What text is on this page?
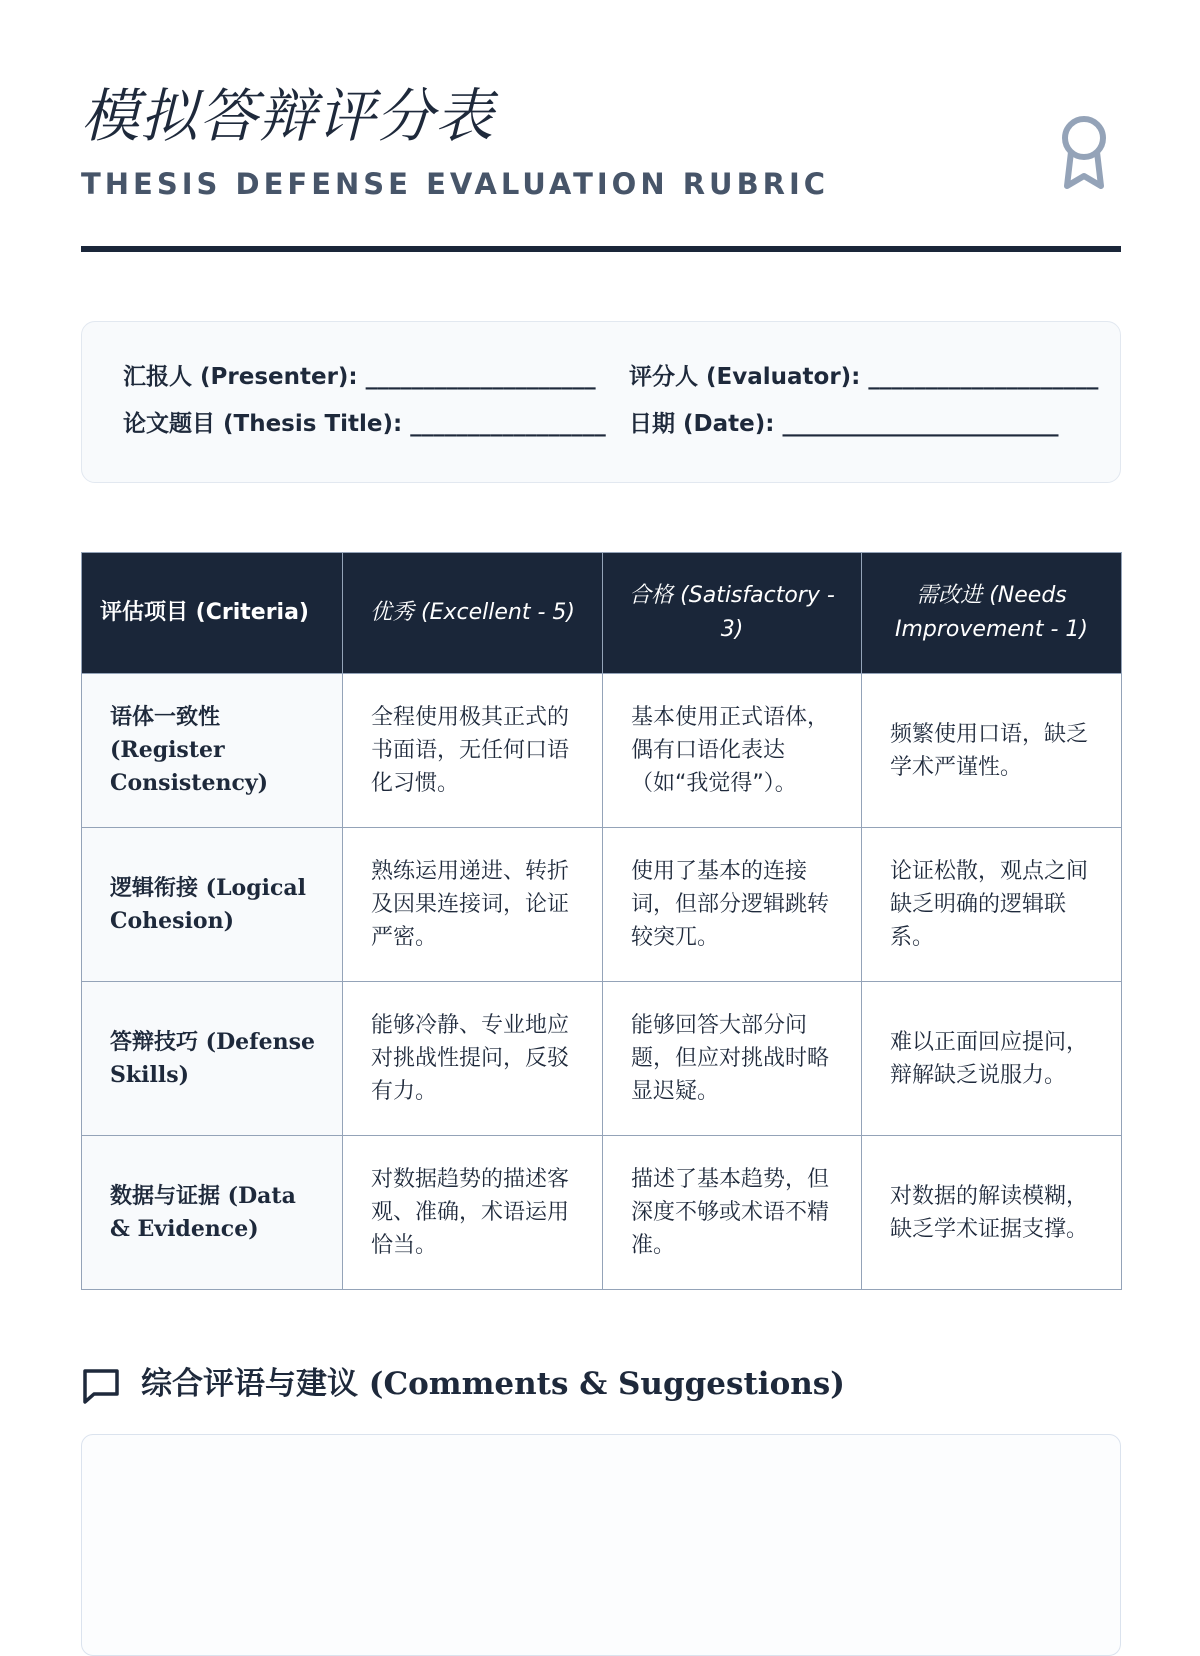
模拟答辩评分表
THESIS DEFENSE EVALUATION RUBRIC
汇报人 (Presenter): ____________________ 评分人 (Evaluator): ____________________
论文题目 (Thesis Title): _________________ 日期 (Date): ________________________
评估项目 (Criteria)	优秀 (Excellent - 5)	合格 (Satisfactory - 3)	需改进 (Needs Improvement - 1)
语体一致性 (Register Consistency)	全程使用极其正式的书面语，无任何口语化习惯。	基本使用正式语体，偶有口语化表达（如“我觉得”）。	频繁使用口语，缺乏学术严谨性。
逻辑衔接 (Logical Cohesion)	熟练运用递进、转折及因果连接词，论证严密。	使用了基本的连接词，但部分逻辑跳转较突兀。	论证松散，观点之间缺乏明确的逻辑联系。
答辩技巧 (Defense Skills)	能够冷静、专业地应对挑战性提问，反驳有力。	能够回答大部分问题，但应对挑战时略显迟疑。	难以正面回应提问，辩解缺乏说服力。
数据与证据 (Data & Evidence)	对数据趋势的描述客观、准确，术语运用恰当。	描述了基本趋势，但深度不够或术语不精准。	对数据的解读模糊，缺乏学术证据支撑。
综合评语与建议 (Comments & Suggestions)
